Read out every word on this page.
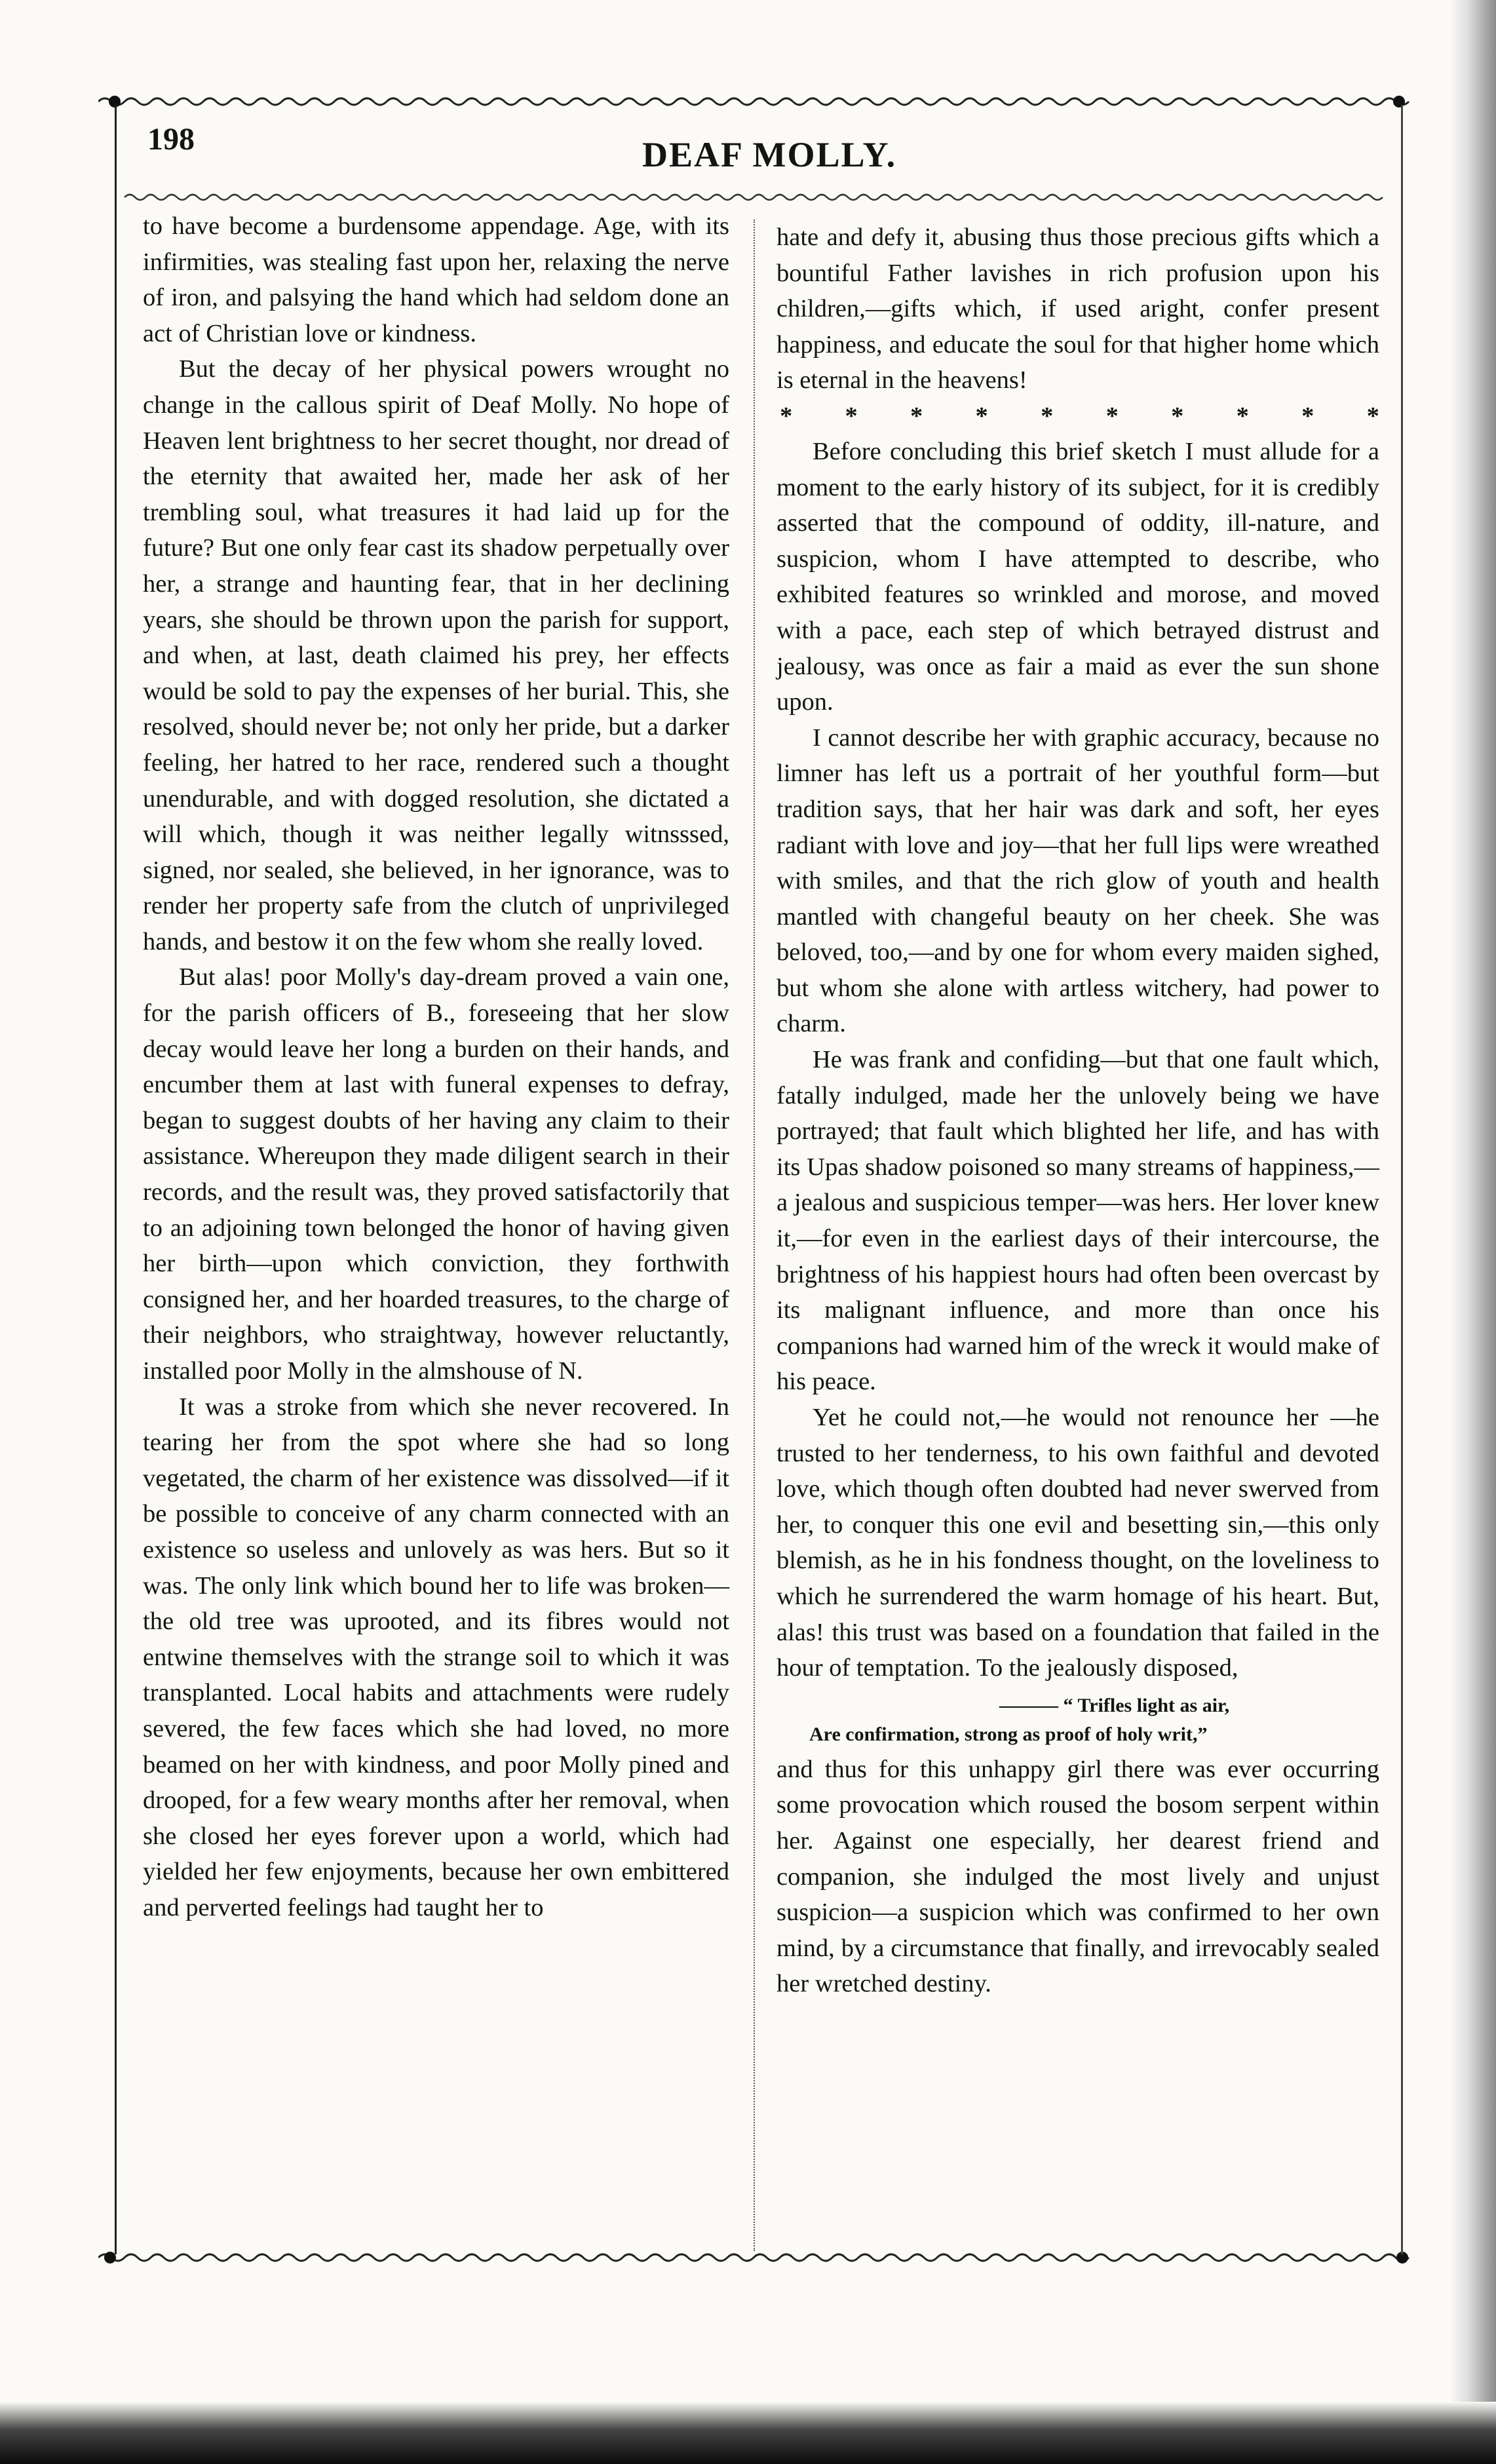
198	DEAF MOLLY.

to have become a burdensome appendage. Age, with its infirmities, was stealing fast upon her, relaxing the nerve of iron, and palsying the hand which had seldom done an act of Christian love or kindness.

But the decay of her physical powers wrought no change in the callous spirit of Deaf Molly. No hope of Heaven lent brightness to her secret thought, nor dread of the eternity that awaited her, made her ask of her trembling soul, what treasures it had laid up for the future? But one only fear cast its shadow perpetually over her, a strange and haunting fear, that in her declining years, she should be thrown upon the parish for support, and when, at last, death claimed his prey, her effects would be sold to pay the expenses of her burial. This, she resolved, should never be; not only her pride, but a darker feeling, her hatred to her race, rendered such a thought unendurable, and with dogged resolution, she dictated a will which, though it was neither legally witnsssed, signed, nor sealed, she believed, in her ignorance, was to render her property safe from the clutch of unprivileged hands, and bestow it on the few whom she really loved.

But alas! poor Molly's day-dream proved a vain one, for the parish officers of B., foreseeing that her slow decay would leave her long a burden on their hands, and encumber them at last with funeral expenses to defray, began to suggest doubts of her having any claim to their assistance. Whereupon they made diligent search in their records, and the result was, they proved satisfactorily that to an adjoining town belonged the honor of having given her birth—upon which conviction, they forthwith consigned her, and her hoarded treasures, to the charge of their neighbors, who straightway, however reluctantly, installed poor Molly in the almshouse of N.

It was a stroke from which she never recovered. In tearing her from the spot where she had so long vegetated, the charm of her existence was dissolved—if it be possible to conceive of any charm connected with an existence so useless and unlovely as was hers. But so it was. The only link which bound her to life was broken—the old tree was uprooted, and its fibres would not entwine themselves with the strange soil to which it was transplanted. Local habits and attachments were rudely severed, the few faces which she had loved, no more beamed on her with kindness, and poor Molly pined and drooped, for a few weary months after her removal, when she closed her eyes forever upon a world, which had yielded her few enjoyments, because her own embittered and perverted feelings had taught her to

hate and defy it, abusing thus those precious gifts which a bountiful Father lavishes in rich profusion upon his children,—gifts which, if used aright, confer present happiness, and educate the soul for that higher home which is eternal in the heavens!

* * * * * * * * * *

Before concluding this brief sketch I must allude for a moment to the early history of its subject, for it is credibly asserted that the compound of oddity, ill-nature, and suspicion, whom I have attempted to describe, who exhibited features so wrinkled and morose, and moved with a pace, each step of which betrayed distrust and jealousy, was once as fair a maid as ever the sun shone upon.

I cannot describe her with graphic accuracy, because no limner has left us a portrait of her youthful form—but tradition says, that her hair was dark and soft, her eyes radiant with love and joy—that her full lips were wreathed with smiles, and that the rich glow of youth and health mantled with changeful beauty on her cheek. She was beloved, too,—and by one for whom every maiden sighed, but whom she alone with artless witchery, had power to charm.

He was frank and confiding—but that one fault which, fatally indulged, made her the unlovely being we have portrayed; that fault which blighted her life, and has with its Upas shadow poisoned so many streams of happiness,—a jealous and suspicious temper—was hers. Her lover knew it,—for even in the earliest days of their intercourse, the brightness of his happiest hours had often been overcast by its malignant influence, and more than once his companions had warned him of the wreck it would make of his peace.

Yet he could not,—he would not renounce her —he trusted to her tenderness, to his own faithful and devoted love, which though often doubted had never swerved from her, to conquer this one evil and besetting sin,—this only blemish, as he in his fondness thought, on the loveliness to which he surrendered the warm homage of his heart. But, alas! this trust was based on a foundation that failed in the hour of temptation. To the jealously disposed,

——— “ Trifles light as air,
Are confirmation, strong as proof of holy writ,”

and thus for this unhappy girl there was ever occurring some provocation which roused the bosom serpent within her. Against one especially, her dearest friend and companion, she indulged the most lively and unjust suspicion—a suspicion which was confirmed to her own mind, by a circumstance that finally, and irrevocably sealed her wretched destiny.
